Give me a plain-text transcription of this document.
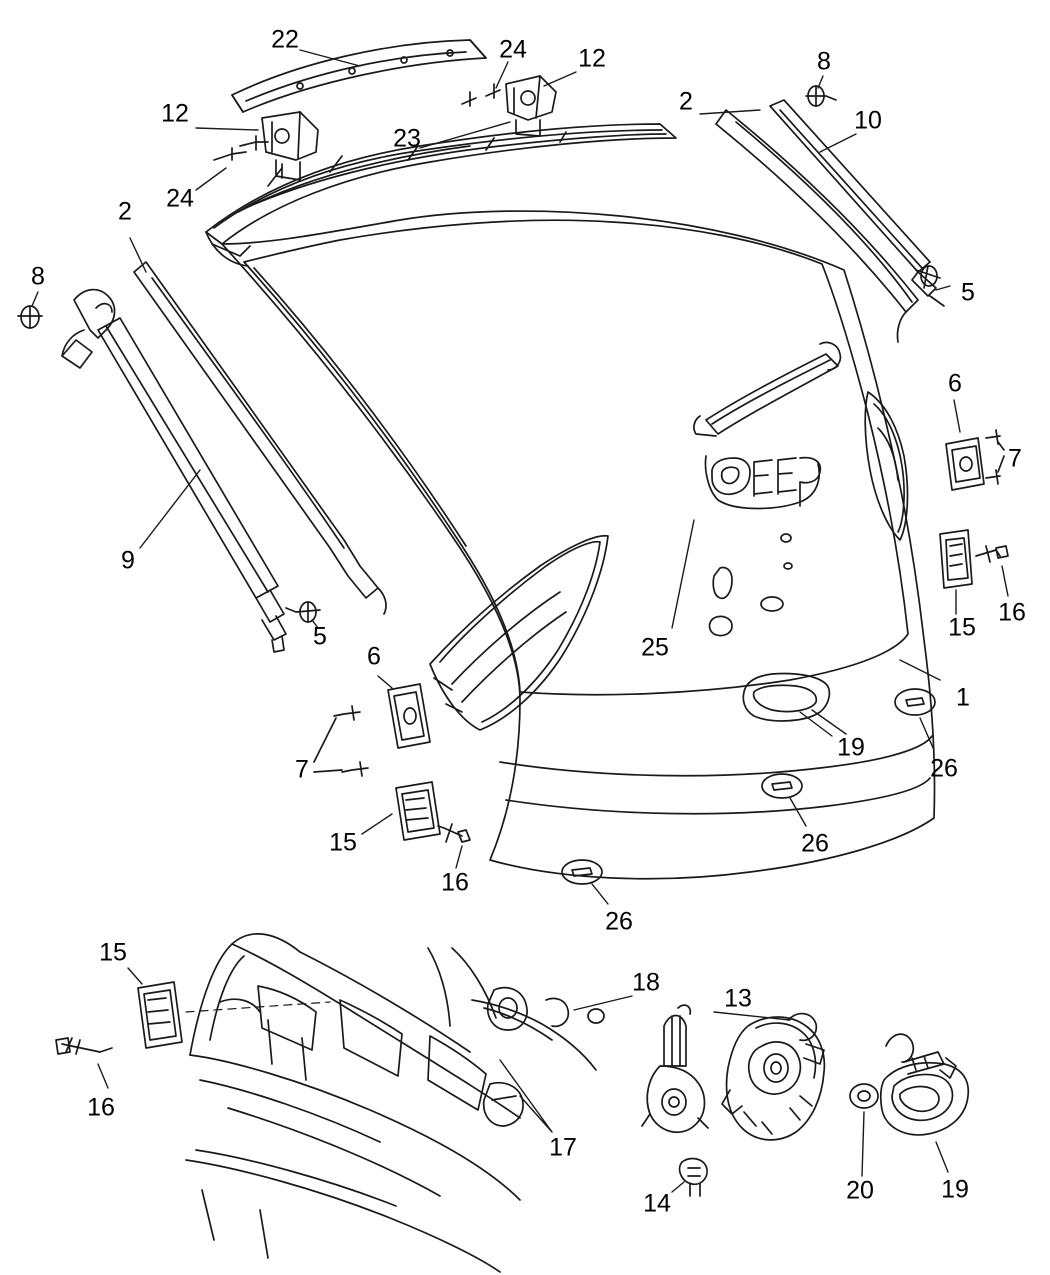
22	24 12	8
12
23
2
10
24
2
5
8
9
6
7
5	15
16
6	25
1
7
19
26
26
15
16
26
15
18
13
16
17
14	20	19
